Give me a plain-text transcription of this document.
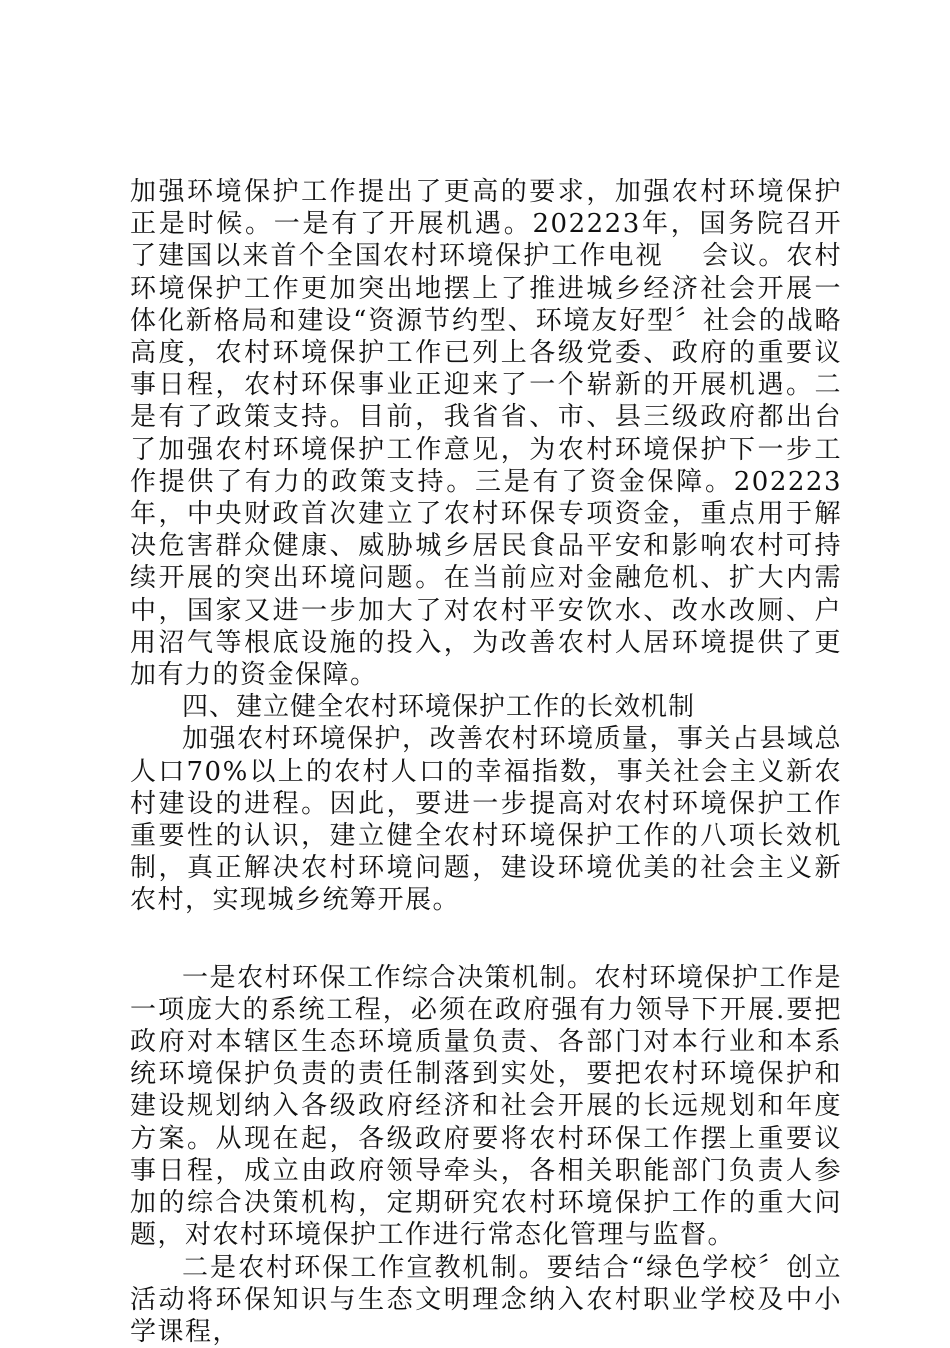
加强环境保护工作提出了更高的要求，加强农村环境保护正是时候。一是有了开展机遇。202223年，国务院召开了建国以来首个全国农村环境保护工作电视　 会议。农村环境保护工作更加突出地摆上了推进城乡经济社会开展一体化新格局和建设“资源节约型、环境友好型〞社会的战略高度，农村环境保护工作已列上各级党委、政府的重要议事日程，农村环保事业正迎来了一个崭新的开展机遇。二是有了政策支持。目前，我省省、市、县三级政府都出台了加强农村环境保护工作意见，为农村环境保护下一步工作提供了有力的政策支持。三是有了资金保障。202223年，中央财政首次建立了农村环保专项资金，重点用于解决危害群众健康、威胁城乡居民食品平安和影响农村可持续开展的突出环境问题。在当前应对金融危机、扩大内需中，国家又进一步加大了对农村平安饮水、改水改厕、户用沼气等根底设施的投入，为改善农村人居环境提供了更加有力的资金保障。

四、建立健全农村环境保护工作的长效机制

加强农村环境保护，改善农村环境质量，事关占县域总人口70%以上的农村人口的幸福指数，事关社会主义新农村建设的进程。因此，要进一步提高对农村环境保护工作重要性的认识，建立健全农村环境保护工作的八项长效机制，真正解决农村环境问题，建设环境优美的社会主义新农村，实现城乡统筹开展。

一是农村环保工作综合决策机制。农村环境保护工作是一项庞大的系统工程，必须在政府强有力领导下开展.要把政府对本辖区生态环境质量负责、各部门对本行业和本系统环境保护负责的责任制落到实处，要把农村环境保护和建设规划纳入各级政府经济和社会开展的长远规划和年度方案。从现在起，各级政府要将农村环保工作摆上重要议事日程，成立由政府领导牵头，各相关职能部门负责人参加的综合决策机构，定期研究农村环境保护工作的重大问题，对农村环境保护工作进行常态化管理与监督。

二是农村环保工作宣教机制。要结合“绿色学校〞创立活动将环保知识与生态文明理念纳入农村职业学校及中小学课程，
